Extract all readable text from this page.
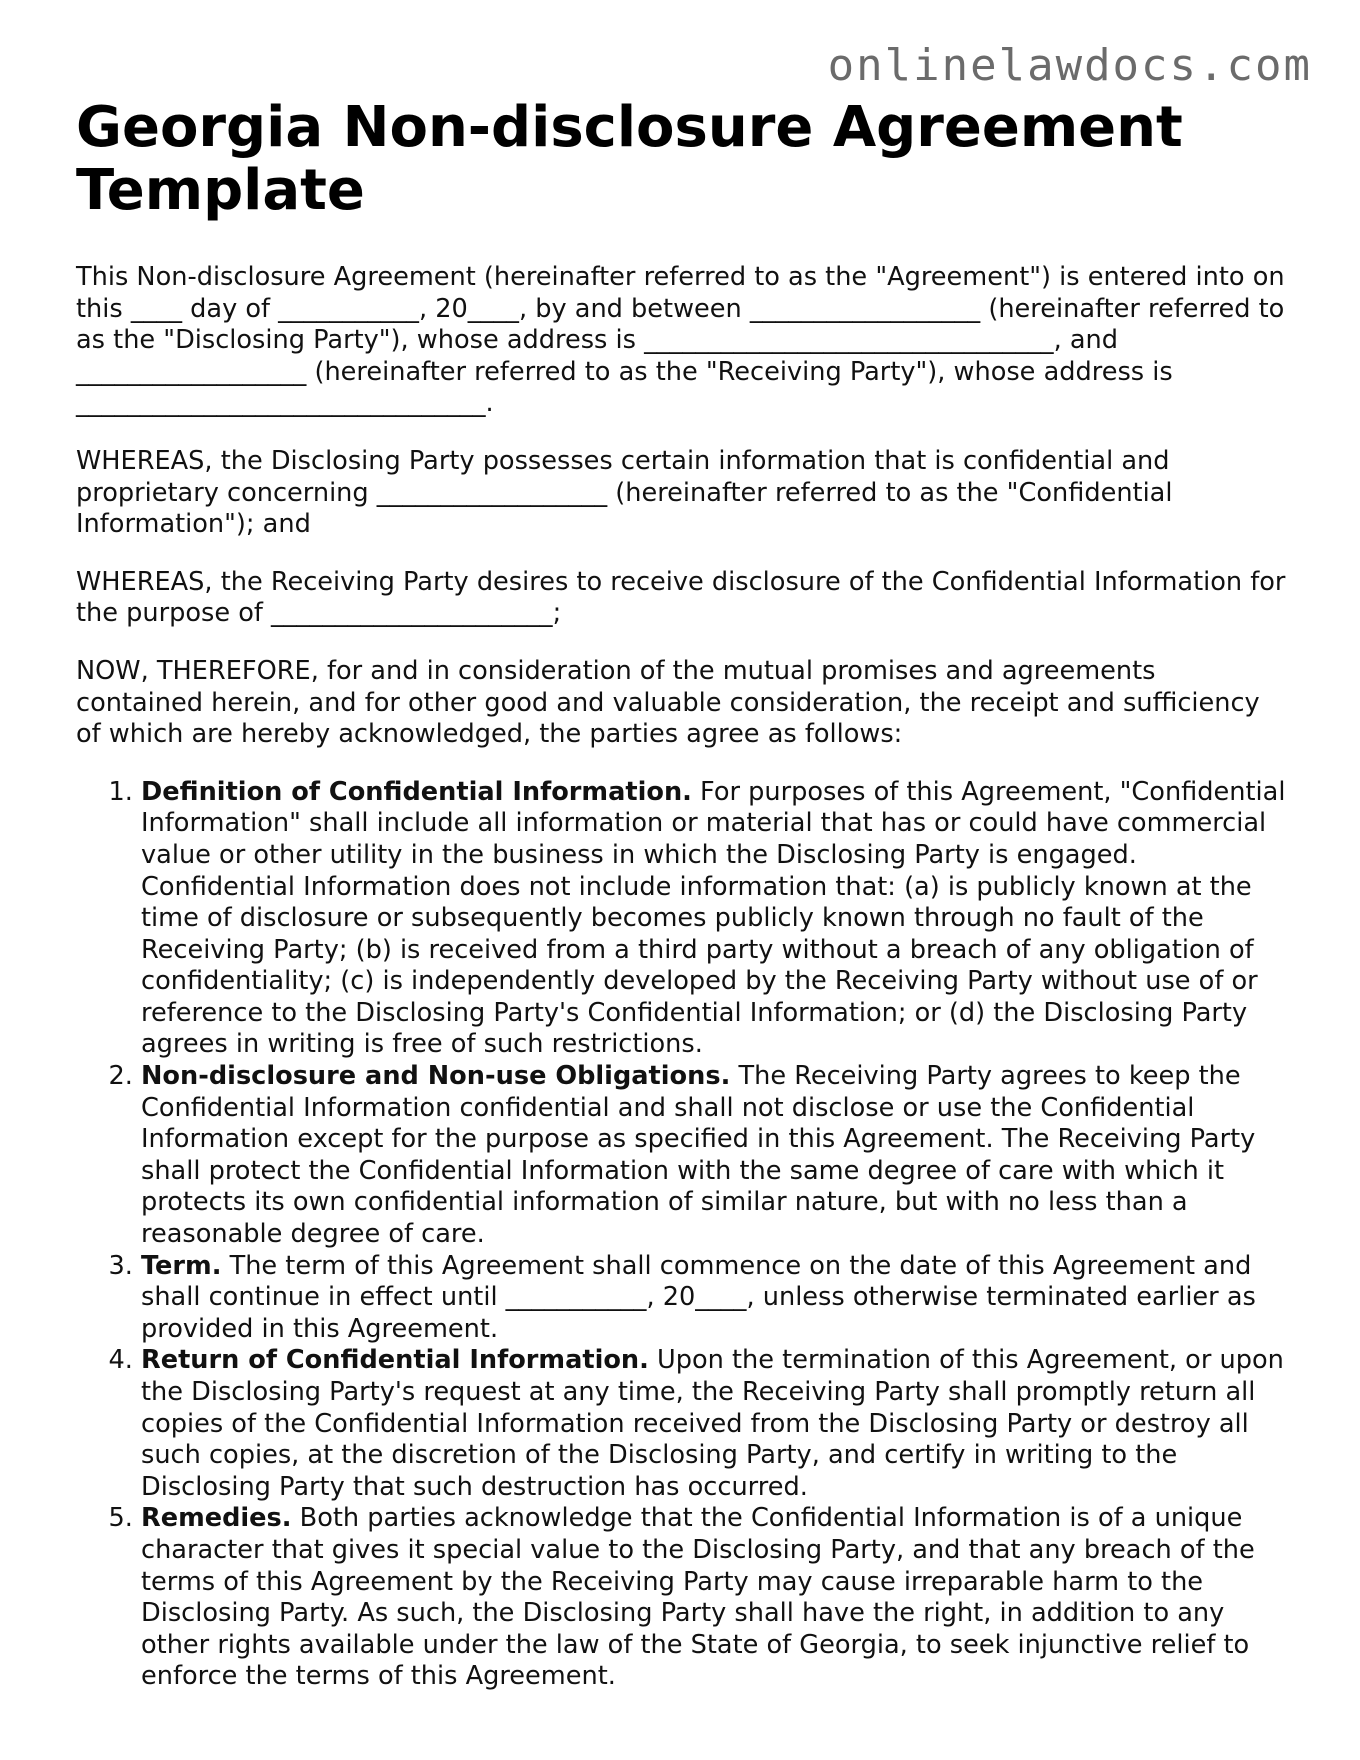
onlinelawdocs.com

Georgia Non-disclosure Agreement Template

This Non-disclosure Agreement (hereinafter referred to as the "Agreement") is entered into on this ____ day of ___________, 20____, by and between __________________ (hereinafter referred to as the "Disclosing Party"), whose address is ________________________________, and __________________ (hereinafter referred to as the "Receiving Party"), whose address is ________________________________.

WHEREAS, the Disclosing Party possesses certain information that is confidential and proprietary concerning __________________ (hereinafter referred to as the "Confidential Information"); and

WHEREAS, the Receiving Party desires to receive disclosure of the Confidential Information for the purpose of ______________________;

NOW, THEREFORE, for and in consideration of the mutual promises and agreements contained herein, and for other good and valuable consideration, the receipt and sufficiency of which are hereby acknowledged, the parties agree as follows:

1. Definition of Confidential Information. For purposes of this Agreement, "Confidential Information" shall include all information or material that has or could have commercial value or other utility in the business in which the Disclosing Party is engaged. Confidential Information does not include information that: (a) is publicly known at the time of disclosure or subsequently becomes publicly known through no fault of the Receiving Party; (b) is received from a third party without a breach of any obligation of confidentiality; (c) is independently developed by the Receiving Party without use of or reference to the Disclosing Party's Confidential Information; or (d) the Disclosing Party agrees in writing is free of such restrictions.
2. Non-disclosure and Non-use Obligations. The Receiving Party agrees to keep the Confidential Information confidential and shall not disclose or use the Confidential Information except for the purpose as specified in this Agreement. The Receiving Party shall protect the Confidential Information with the same degree of care with which it protects its own confidential information of similar nature, but with no less than a reasonable degree of care.
3. Term. The term of this Agreement shall commence on the date of this Agreement and shall continue in effect until ___________, 20____, unless otherwise terminated earlier as provided in this Agreement.
4. Return of Confidential Information. Upon the termination of this Agreement, or upon the Disclosing Party's request at any time, the Receiving Party shall promptly return all copies of the Confidential Information received from the Disclosing Party or destroy all such copies, at the discretion of the Disclosing Party, and certify in writing to the Disclosing Party that such destruction has occurred.
5. Remedies. Both parties acknowledge that the Confidential Information is of a unique character that gives it special value to the Disclosing Party, and that any breach of the terms of this Agreement by the Receiving Party may cause irreparable harm to the Disclosing Party. As such, the Disclosing Party shall have the right, in addition to any other rights available under the law of the State of Georgia, to seek injunctive relief to enforce the terms of this Agreement.
